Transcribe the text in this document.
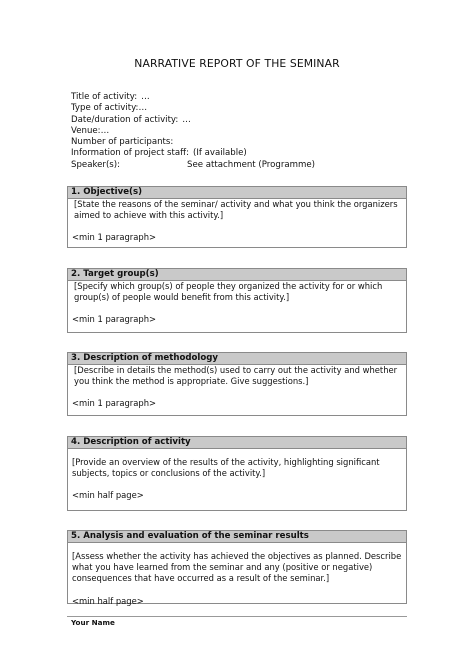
NARRATIVE REPORT OF THE SEMINAR
Title of activity: …
Type of activity:…
Date/duration of activity: …
Venue:…
Number of participants:
Information of project staff: (If available)
Speaker(s):	See attachment (Programme)
1. Objective(s)

[State the reasons of the seminar/ activity and what you think the organizers aimed to achieve with this activity.]

<min 1 paragraph>
2. Target group(s)

[Specify which group(s) of people they organized the activity for or which group(s) of people would benefit from this activity.]

<min 1 paragraph>
3. Description of methodology

[Describe in details the method(s) used to carry out the activity and whether you think the method is appropriate. Give suggestions.]

<min 1 paragraph>
4. Description of activity

[Provide an overview of the results of the activity, highlighting significant subjects, topics or conclusions of the activity.]

<min half page>
5. Analysis and evaluation of the seminar results

[Assess whether the activity has achieved the objectives as planned. Describe what you have learned from the seminar and any (positive or negative) consequences that have occurred as a result of the seminar.]

<min half page>
Your Name
